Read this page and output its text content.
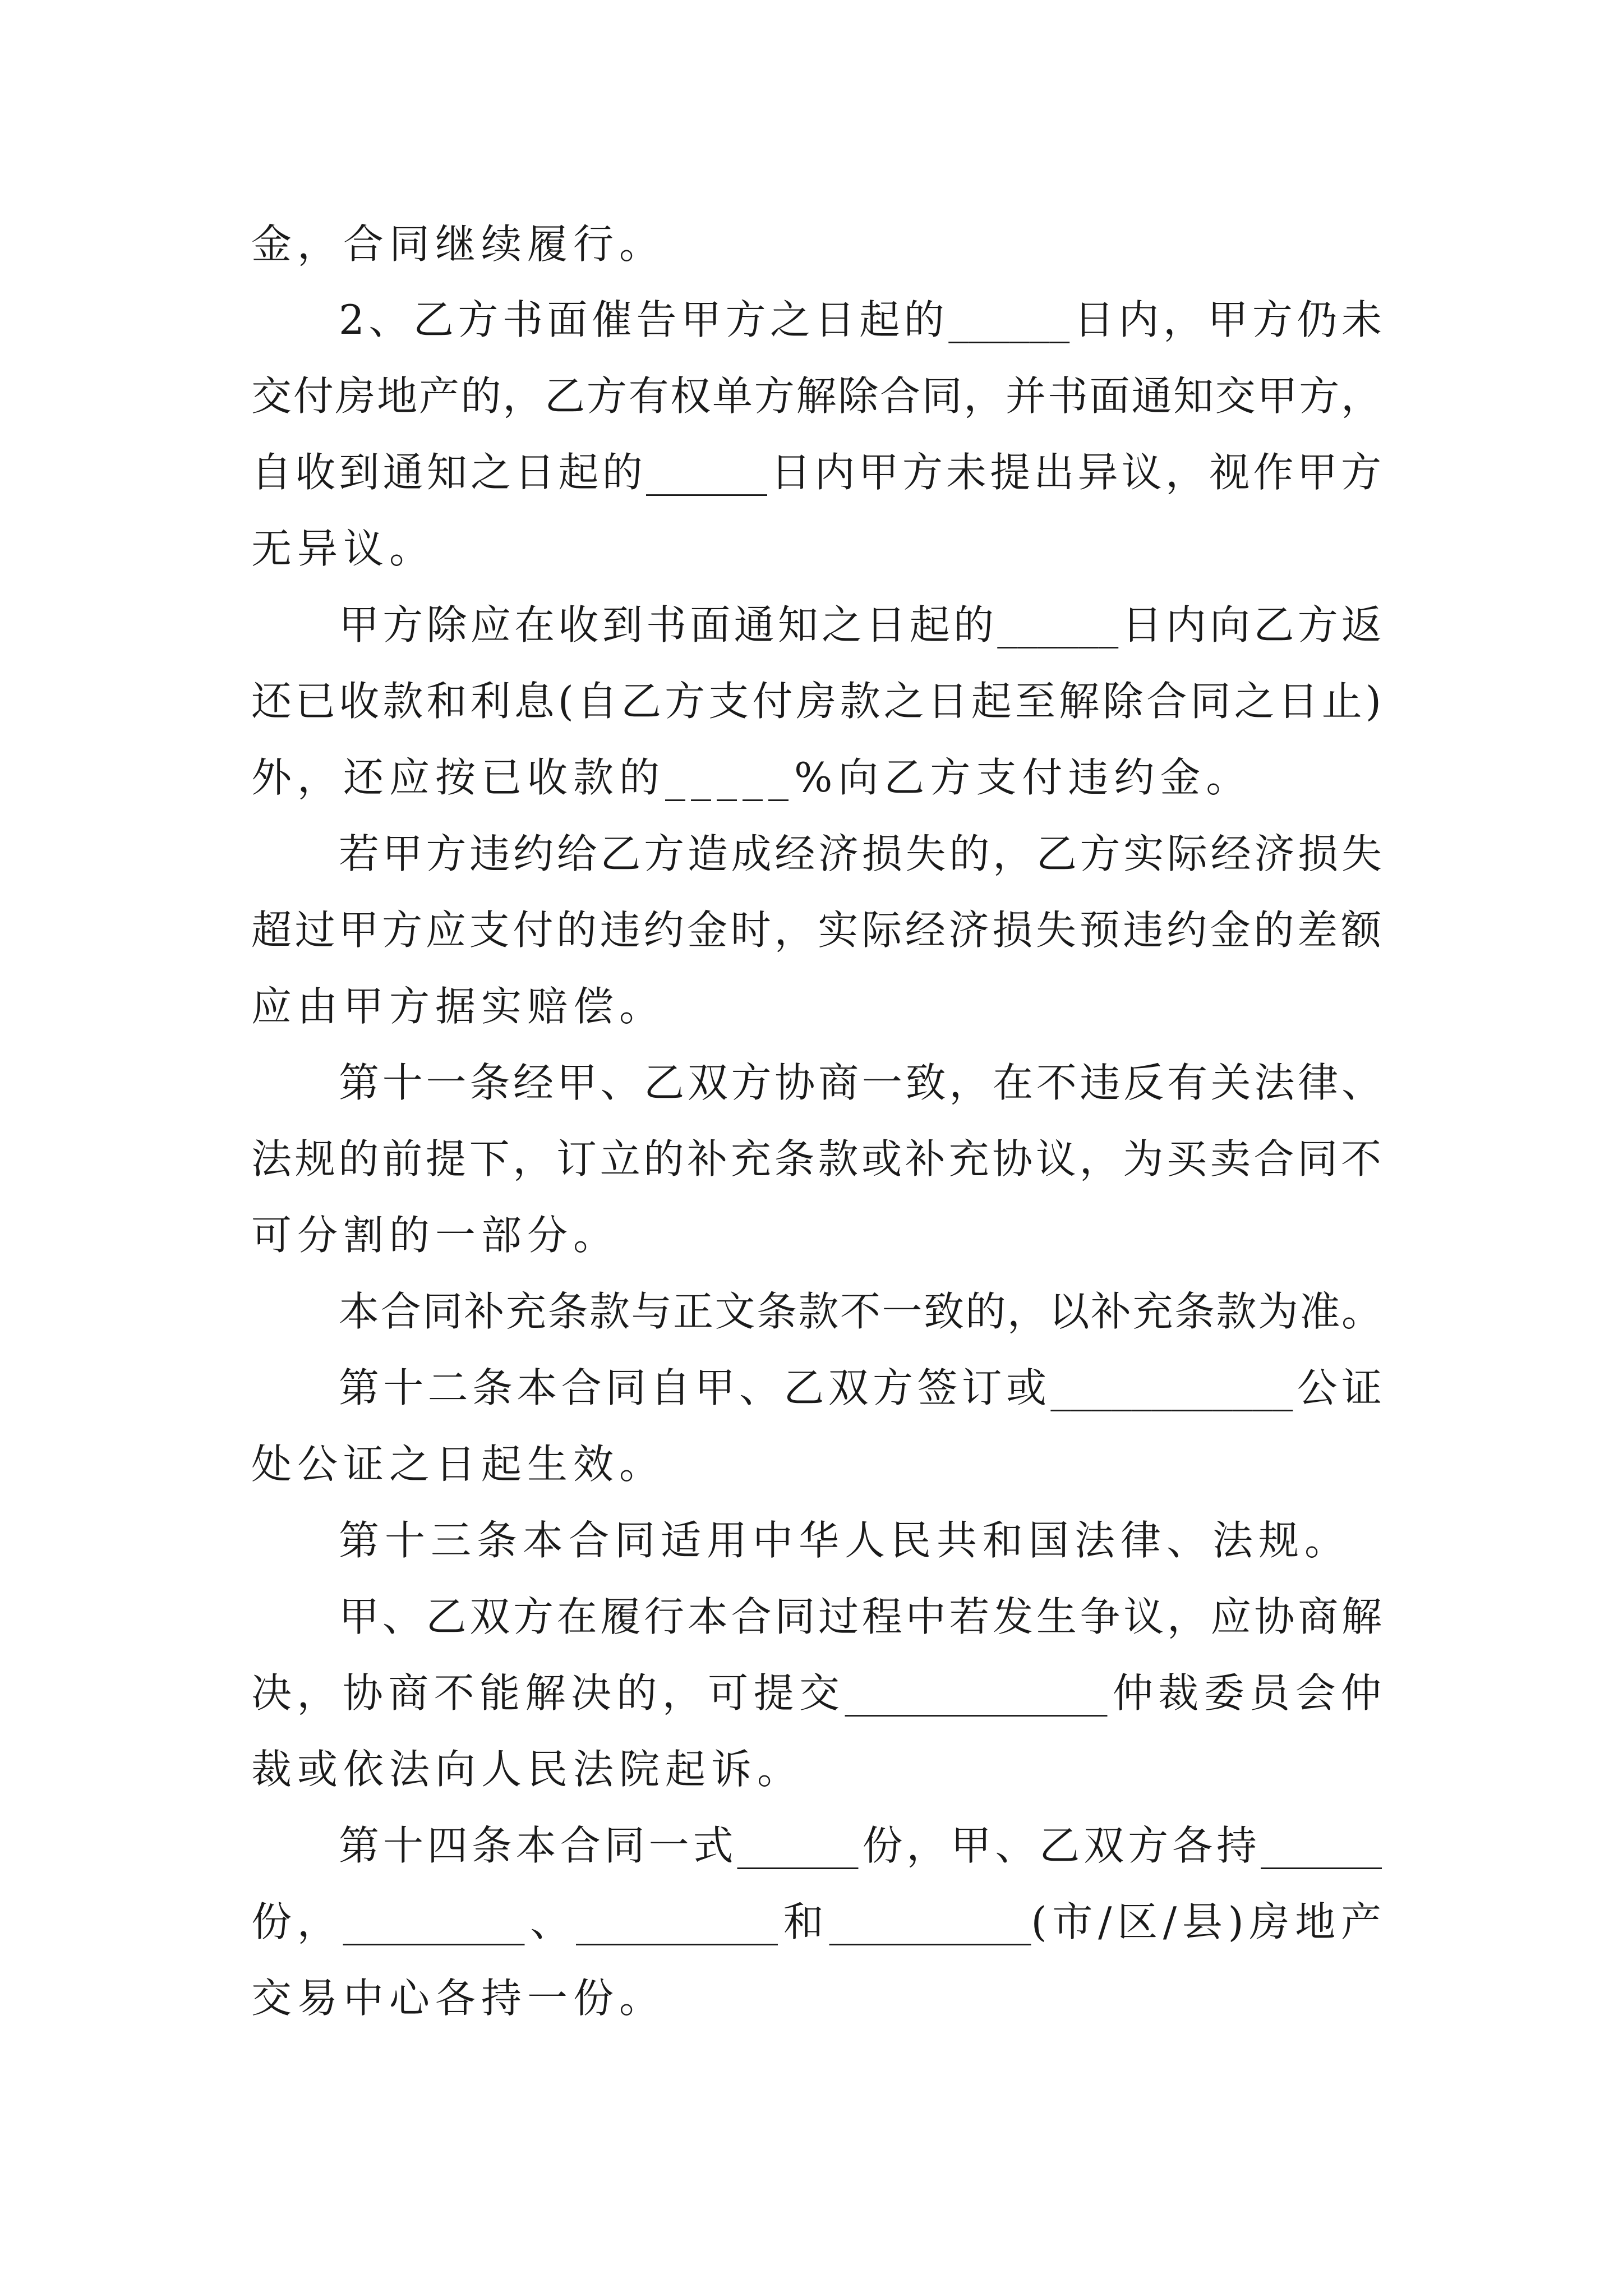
金，合同继续履行。
2、乙方书面催告甲方之日起的______日内，甲方仍未
交付房地产的，乙方有权单方解除合同，并书面通知交甲方，
自收到通知之日起的______日内甲方未提出异议，视作甲方
无异议。
甲方除应在收到书面通知之日起的______日内向乙方返
还已收款和利息(自乙方支付房款之日起至解除合同之日止)
外，还应按已收款的_____%向乙方支付违约金。
若甲方违约给乙方造成经济损失的，乙方实际经济损失
超过甲方应支付的违约金时，实际经济损失预违约金的差额
应由甲方据实赔偿。
第十一条经甲、乙双方协商一致，在不违反有关法律、
法规的前提下，订立的补充条款或补充协议，为买卖合同不
可分割的一部分。
本合同补充条款与正文条款不一致的，以补充条款为准。
第十二条本合同自甲、乙双方签订或____________公证
处公证之日起生效。
第十三条本合同适用中华人民共和国法律、法规。
甲、乙双方在履行本合同过程中若发生争议，应协商解
决，协商不能解决的，可提交_____________仲裁委员会仲
裁或依法向人民法院起诉。
第十四条本合同一式______份，甲、乙双方各持______
份，_________、__________和__________(市/区/县)房地产
交易中心各持一份。
